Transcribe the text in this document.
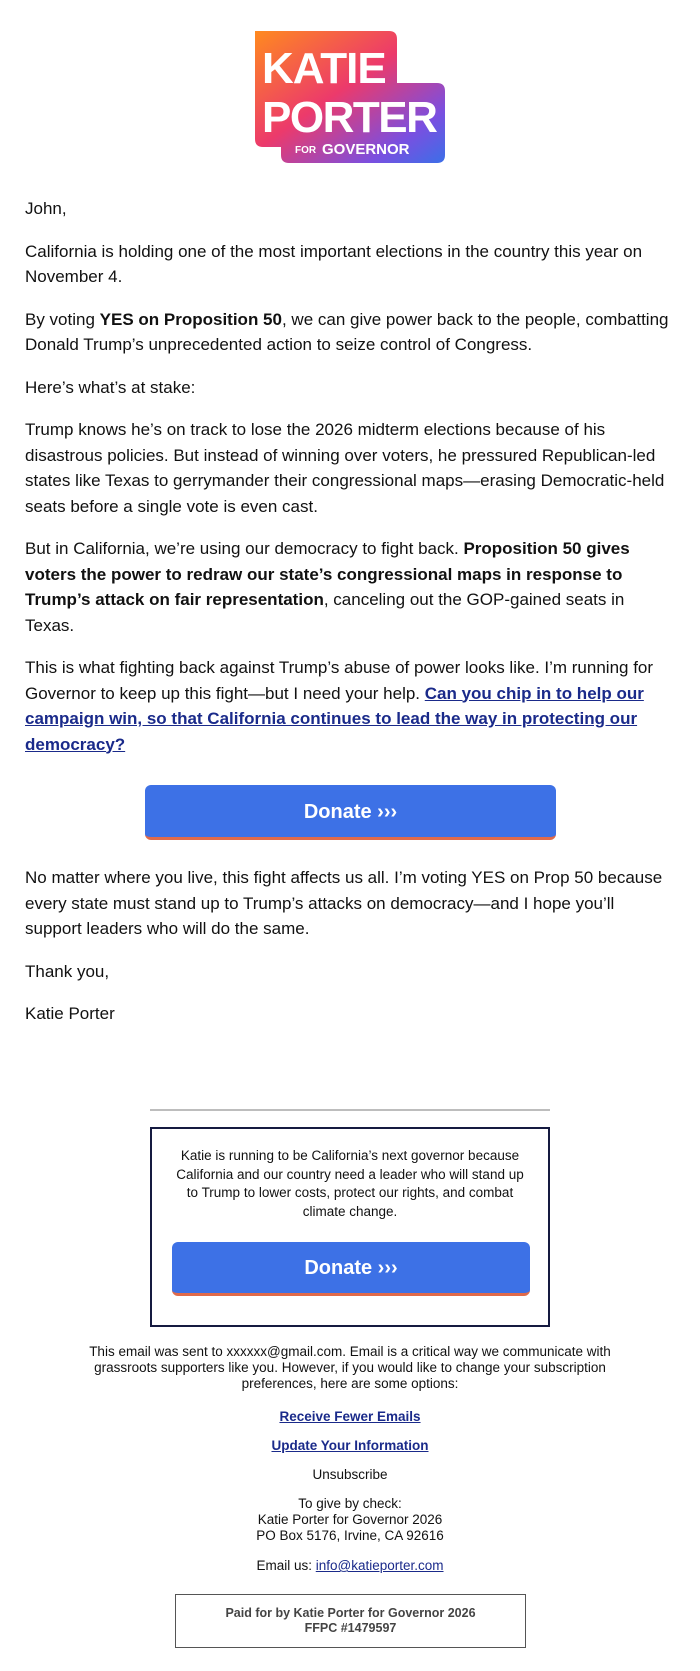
KATIE
PORTER
FOR GOVERNOR

John,

California is holding one of the most important elections in the country this year on November 4.

By voting YES on Proposition 50, we can give power back to the people, combatting Donald Trump’s unprecedented action to seize control of Congress.

Here’s what’s at stake:

Trump knows he’s on track to lose the 2026 midterm elections because of his disastrous policies. But instead of winning over voters, he pressured Republican-led states like Texas to gerrymander their congressional maps—erasing Democratic-held seats before a single vote is even cast.

But in California, we’re using our democracy to fight back. Proposition 50 gives voters the power to redraw our state’s congressional maps in response to Trump’s attack on fair representation, canceling out the GOP-gained seats in Texas.

This is what fighting back against Trump’s abuse of power looks like. I’m running for Governor to keep up this fight—but I need your help. Can you chip in to help our campaign win, so that California continues to lead the way in protecting our democracy?

Donate ›››

No matter where you live, this fight affects us all. I’m voting YES on Prop 50 because every state must stand up to Trump’s attacks on democracy—and I hope you’ll support leaders who will do the same.

Thank you,

Katie Porter

Katie is running to be California’s next governor because California and our country need a leader who will stand up to Trump to lower costs, protect our rights, and combat climate change.
Donate ›››

This email was sent to xxxxxx@gmail.com. Email is a critical way we communicate with grassroots supporters like you. However, if you would like to change your subscription preferences, here are some options:

Receive Fewer Emails
Update Your Information
Unsubscribe
To give by check:
Katie Porter for Governor 2026
PO Box 5176, Irvine, CA 92616

Email us: info@katieporter.com

Paid for by Katie Porter for Governor 2026
FFPC #1479597
